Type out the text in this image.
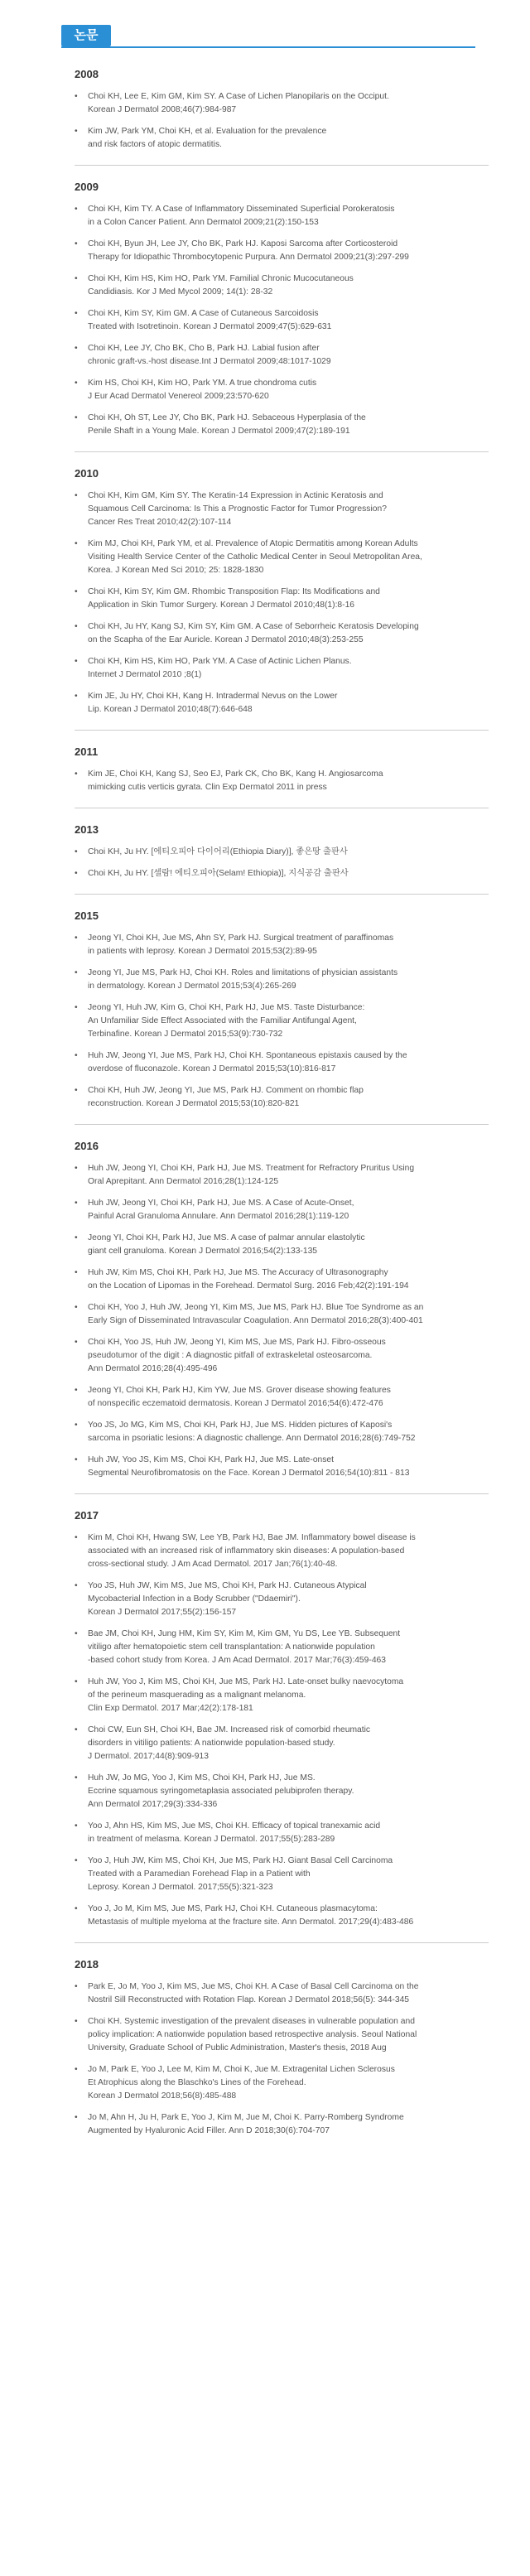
논문
2008
• Choi KH, Lee E, Kim GM, Kim SY. A Case of Lichen Planopilaris on the Occiput.
Korean J Dermatol 2008;46(7):984-987
• Kim JW, Park YM, Choi KH, et al. Evaluation for the prevalence
and risk factors of atopic dermatitis.
2009
• Choi KH, Kim TY. A Case of Inflammatory Disseminated Superficial Porokeratosis
in a Colon Cancer Patient. Ann Dermatol 2009;21(2):150-153
• Choi KH, Byun JH, Lee JY, Cho BK, Park HJ. Kaposi Sarcoma after Corticosteroid
Therapy for Idiopathic Thrombocytopenic Purpura. Ann Dermatol 2009;21(3):297-299
• Choi KH, Kim HS, Kim HO, Park YM. Familial Chronic Mucocutaneous
Candidiasis. Kor J Med Mycol 2009; 14(1): 28-32
• Choi KH, Kim SY, Kim GM. A Case of Cutaneous Sarcoidosis
Treated with Isotretinoin. Korean J Dermatol 2009;47(5):629-631
• Choi KH, Lee JY, Cho BK, Cho B, Park HJ. Labial fusion after
chronic graft-vs.-host disease.Int J Dermatol 2009;48:1017-1029
• Kim HS, Choi KH, Kim HO, Park YM. A true chondroma cutis
J Eur Acad Dermatol Venereol 2009;23:570-620
• Choi KH, Oh ST, Lee JY, Cho BK, Park HJ. Sebaceous Hyperplasia of the
Penile Shaft in a Young Male. Korean J Dermatol 2009;47(2):189-191
2010
• Choi KH, Kim GM, Kim SY. The Keratin-14 Expression in Actinic Keratosis and
Squamous Cell Carcinoma: Is This a Prognostic Factor for Tumor Progression?
Cancer Res Treat 2010;42(2):107-114
• Kim MJ, Choi KH, Park YM, et al. Prevalence of Atopic Dermatitis among Korean Adults
Visiting Health Service Center of the Catholic Medical Center in Seoul Metropolitan Area,
Korea. J Korean Med Sci 2010; 25: 1828-1830
• Choi KH, Kim SY, Kim GM. Rhombic Transposition Flap: Its Modifications and
Application in Skin Tumor Surgery. Korean J Dermatol 2010;48(1):8-16
• Choi KH, Ju HY, Kang SJ, Kim SY, Kim GM. A Case of Seborrheic Keratosis Developing
on the Scapha of the Ear Auricle. Korean J Dermatol 2010;48(3):253-255
• Choi KH, Kim HS, Kim HO, Park YM. A Case of Actinic Lichen Planus.
Internet J Dermatol 2010 ;8(1)
• Kim JE, Ju HY, Choi KH, Kang H. Intradermal Nevus on the Lower
Lip. Korean J Dermatol 2010;48(7):646-648
2011
• Kim JE, Choi KH, Kang SJ, Seo EJ, Park CK, Cho BK, Kang H. Angiosarcoma
mimicking cutis verticis gyrata. Clin Exp Dermatol 2011 in press
2013
• Choi KH, Ju HY. [에티오피아 다이어리(Ethiopia Diary)], 좋은땅 출판사
• Choi KH, Ju HY. [셀람! 에티오피아(Selam! Ethiopia)], 지식공감 출판사
2015
• Jeong YI, Choi KH, Jue MS, Ahn SY, Park HJ. Surgical treatment of paraffinomas
in patients with leprosy. Korean J Dermatol 2015;53(2):89-95
• Jeong YI, Jue MS, Park HJ, Choi KH. Roles and limitations of physician assistants
in dermatology. Korean J Dermatol 2015;53(4):265-269
• Jeong YI, Huh JW, Kim G, Choi KH, Park HJ, Jue MS. Taste Disturbance:
An Unfamiliar Side Effect Associated with the Familiar Antifungal Agent,
Terbinafine. Korean J Dermatol 2015;53(9):730-732
• Huh JW, Jeong YI, Jue MS, Park HJ, Choi KH. Spontaneous epistaxis caused by the
overdose of fluconazole. Korean J Dermatol 2015;53(10):816-817
• Choi KH, Huh JW, Jeong YI, Jue MS, Park HJ. Comment on rhombic flap
reconstruction. Korean J Dermatol 2015;53(10):820-821
2016
• Huh JW, Jeong YI, Choi KH, Park HJ, Jue MS. Treatment for Refractory Pruritus Using
Oral Aprepitant. Ann Dermatol 2016;28(1):124-125
• Huh JW, Jeong YI, Choi KH, Park HJ, Jue MS. A Case of Acute-Onset,
Painful Acral Granuloma Annulare. Ann Dermatol 2016;28(1):119-120
• Jeong YI, Choi KH, Park HJ, Jue MS. A case of palmar annular elastolytic
giant cell granuloma. Korean J Dermatol 2016;54(2):133-135
• Huh JW, Kim MS, Choi KH, Park HJ, Jue MS. The Accuracy of Ultrasonography
on the Location of Lipomas in the Forehead. Dermatol Surg. 2016 Feb;42(2):191-194
• Choi KH, Yoo J, Huh JW, Jeong YI, Kim MS, Jue MS, Park HJ. Blue Toe Syndrome as an
Early Sign of Disseminated Intravascular Coagulation. Ann Dermatol 2016;28(3):400-401
• Choi KH, Yoo JS, Huh JW, Jeong YI, Kim MS, Jue MS, Park HJ. Fibro-osseous
pseudotumor of the digit : A diagnostic pitfall of extraskeletal osteosarcoma.
Ann Dermatol 2016;28(4):495-496
• Jeong YI, Choi KH, Park HJ, Kim YW, Jue MS. Grover disease showing features
of nonspecific eczematoid dermatosis. Korean J Dermatol 2016;54(6):472-476
• Yoo JS, Jo MG, Kim MS, Choi KH, Park HJ, Jue MS. Hidden pictures of Kaposi's
sarcoma in psoriatic lesions: A diagnostic challenge. Ann Dermatol 2016;28(6):749-752
• Huh JW, Yoo JS, Kim MS, Choi KH, Park HJ, Jue MS. Late-onset
Segmental Neurofibromatosis on the Face. Korean J Dermatol 2016;54(10):811 - 813
2017
• Kim M, Choi KH, Hwang SW, Lee YB, Park HJ, Bae JM. Inflammatory bowel disease is
associated with an increased risk of inflammatory skin diseases: A population-based
cross-sectional study. J Am Acad Dermatol. 2017 Jan;76(1):40-48.
• Yoo JS, Huh JW, Kim MS, Jue MS, Choi KH, Park HJ. Cutaneous Atypical
Mycobacterial Infection in a Body Scrubber ("Ddaemiri").
Korean J Dermatol 2017;55(2):156-157
• Bae JM, Choi KH, Jung HM, Kim SY, Kim M, Kim GM, Yu DS, Lee YB. Subsequent
vitiligo after hematopoietic stem cell transplantation: A nationwide population
-based cohort study from Korea. J Am Acad Dermatol. 2017 Mar;76(3):459-463
• Huh JW, Yoo J, Kim MS, Choi KH, Jue MS, Park HJ. Late-onset bulky naevocytoma
of the perineum masquerading as a malignant melanoma.
Clin Exp Dermatol. 2017 Mar;42(2):178-181
• Choi CW, Eun SH, Choi KH, Bae JM. Increased risk of comorbid rheumatic
disorders in vitiligo patients: A nationwide population-based study.
J Dermatol. 2017;44(8):909-913
• Huh JW, Jo MG, Yoo J, Kim MS, Choi KH, Park HJ, Jue MS.
Eccrine squamous syringometaplasia associated pelubiprofen therapy.
Ann Dermatol 2017;29(3):334-336
• Yoo J, Ahn HS, Kim MS, Jue MS, Choi KH. Efficacy of topical tranexamic acid
in treatment of melasma. Korean J Dermatol. 2017;55(5):283-289
• Yoo J, Huh JW, Kim MS, Choi KH, Jue MS, Park HJ. Giant Basal Cell Carcinoma
Treated with a Paramedian Forehead Flap in a Patient with
Leprosy. Korean J Dermatol. 2017;55(5):321-323
• Yoo J, Jo M, Kim MS, Jue MS, Park HJ, Choi KH. Cutaneous plasmacytoma:
Metastasis of multiple myeloma at the fracture site. Ann Dermatol. 2017;29(4):483-486
2018
• Park E, Jo M, Yoo J, Kim MS, Jue MS, Choi KH. A Case of Basal Cell Carcinoma on the
Nostril Sill Reconstructed with Rotation Flap. Korean J Dermatol 2018;56(5): 344-345
• Choi KH. Systemic investigation of the prevalent diseases in vulnerable population and
policy implication: A nationwide population based retrospective analysis. Seoul National
University, Graduate School of Public Administration, Master's thesis, 2018 Aug
• Jo M, Park E, Yoo J, Lee M, Kim M, Choi K, Jue M. Extragenital Lichen Sclerosus
Et Atrophicus along the Blaschko's Lines of the Forehead.
Korean J Dermatol 2018;56(8):485-488
• Jo M, Ahn H, Ju H, Park E, Yoo J, Kim M, Jue M, Choi K. Parry-Romberg Syndrome
Augmented by Hyaluronic Acid Filler. Ann D 2018;30(6):704-707
